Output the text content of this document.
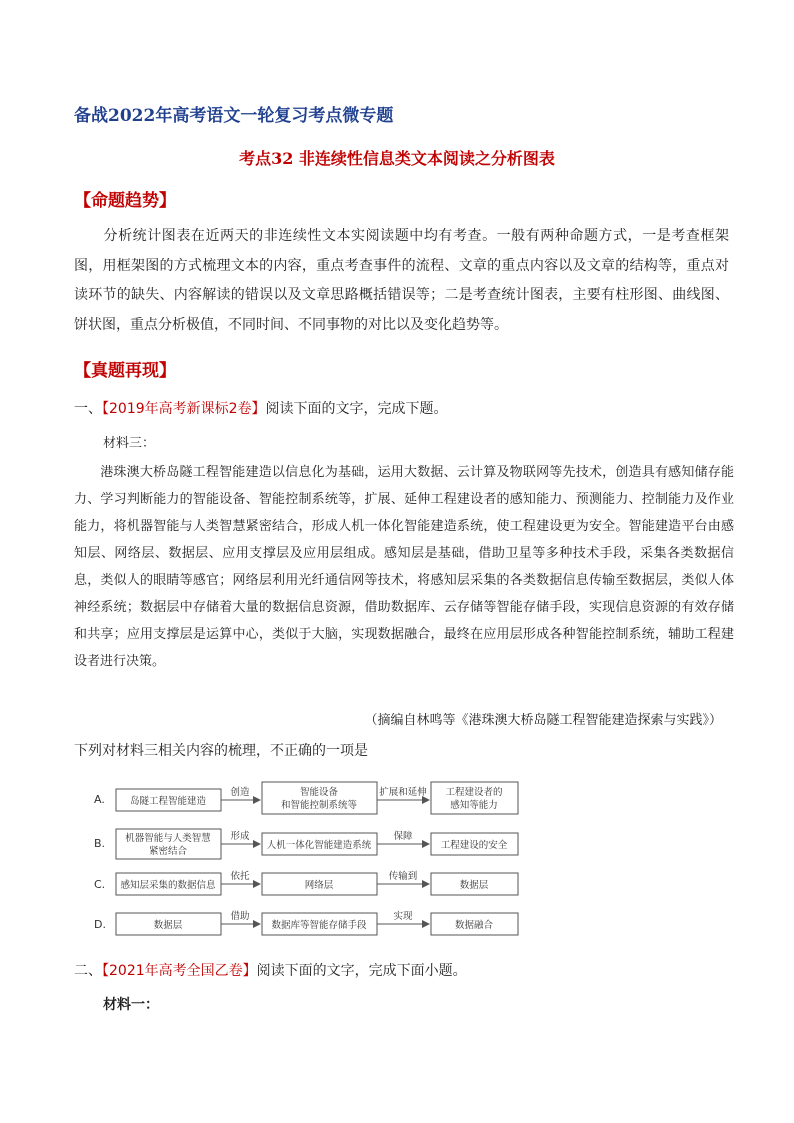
备战2022年高考语文一轮复习考点微专题
考点32 非连续性信息类文本阅读之分析图表
【命题趋势】
分析统计图表在近两天的非连续性文本实阅读题中均有考查。一般有两种命题方式，一是考查框架图，用框架图的方式梳理文本的内容，重点考查事件的流程、文章的重点内容以及文章的结构等，重点对读环节的缺失、内容解读的错误以及文章思路概括错误等；二是考查统计图表，主要有柱形图、曲线图、饼状图，重点分析极值，不同时间、不同事物的对比以及变化趋势等。
【真题再现】
一、【2019年高考新课标2卷】阅读下面的文字，完成下题。
材料三：
港珠澳大桥岛隧工程智能建造以信息化为基础，运用大数据、云计算及物联网等先技术，创造具有感知储存能力、学习判断能力的智能设备、智能控制系统等，扩展、延伸工程建设者的感知能力、预测能力、控制能力及作业能力，将机器智能与人类智慧紧密结合，形成人机一体化智能建造系统，使工程建设更为安全。智能建造平台由感知层、网络层、数据层、应用支撑层及应用层组成。感知层是基础，借助卫星等多种技术手段，采集各类数据信息，类似人的眼睛等感官；网络层利用光纤通信网等技术，将感知层采集的各类数据信息传输至数据层，类似人体神经系统；数据层中存储着大量的数据信息资源，借助数据库、云存储等智能存储手段，实现信息资源的有效存储和共享；应用支撑层是运算中心，类似于大脑，实现数据融合，最终在应用层形成各种智能控制系统，辅助工程建设者进行决策。
（摘编自林鸣等《港珠澳大桥岛隧工程智能建造探索与实践》）
下列对材料三相关内容的梳理，不正确的一项是
A.	岛隧工程智能建造
创造	智能设备
和智能控制系统等
扩展和延伸 工程建设者的
感知等能力
B. 机器智能与人类智慧
紧密结合
形成
人机一体化智能建造系统
保障
工程建设的安全
C. 感知层采集的数据信息
依托
网络层
传输到
数据层
D.	数据层
借助
数据库等智能存储手段
实现
数据融合
二、【2021年高考全国乙卷】阅读下面的文字，完成下面小题。
材料一：
